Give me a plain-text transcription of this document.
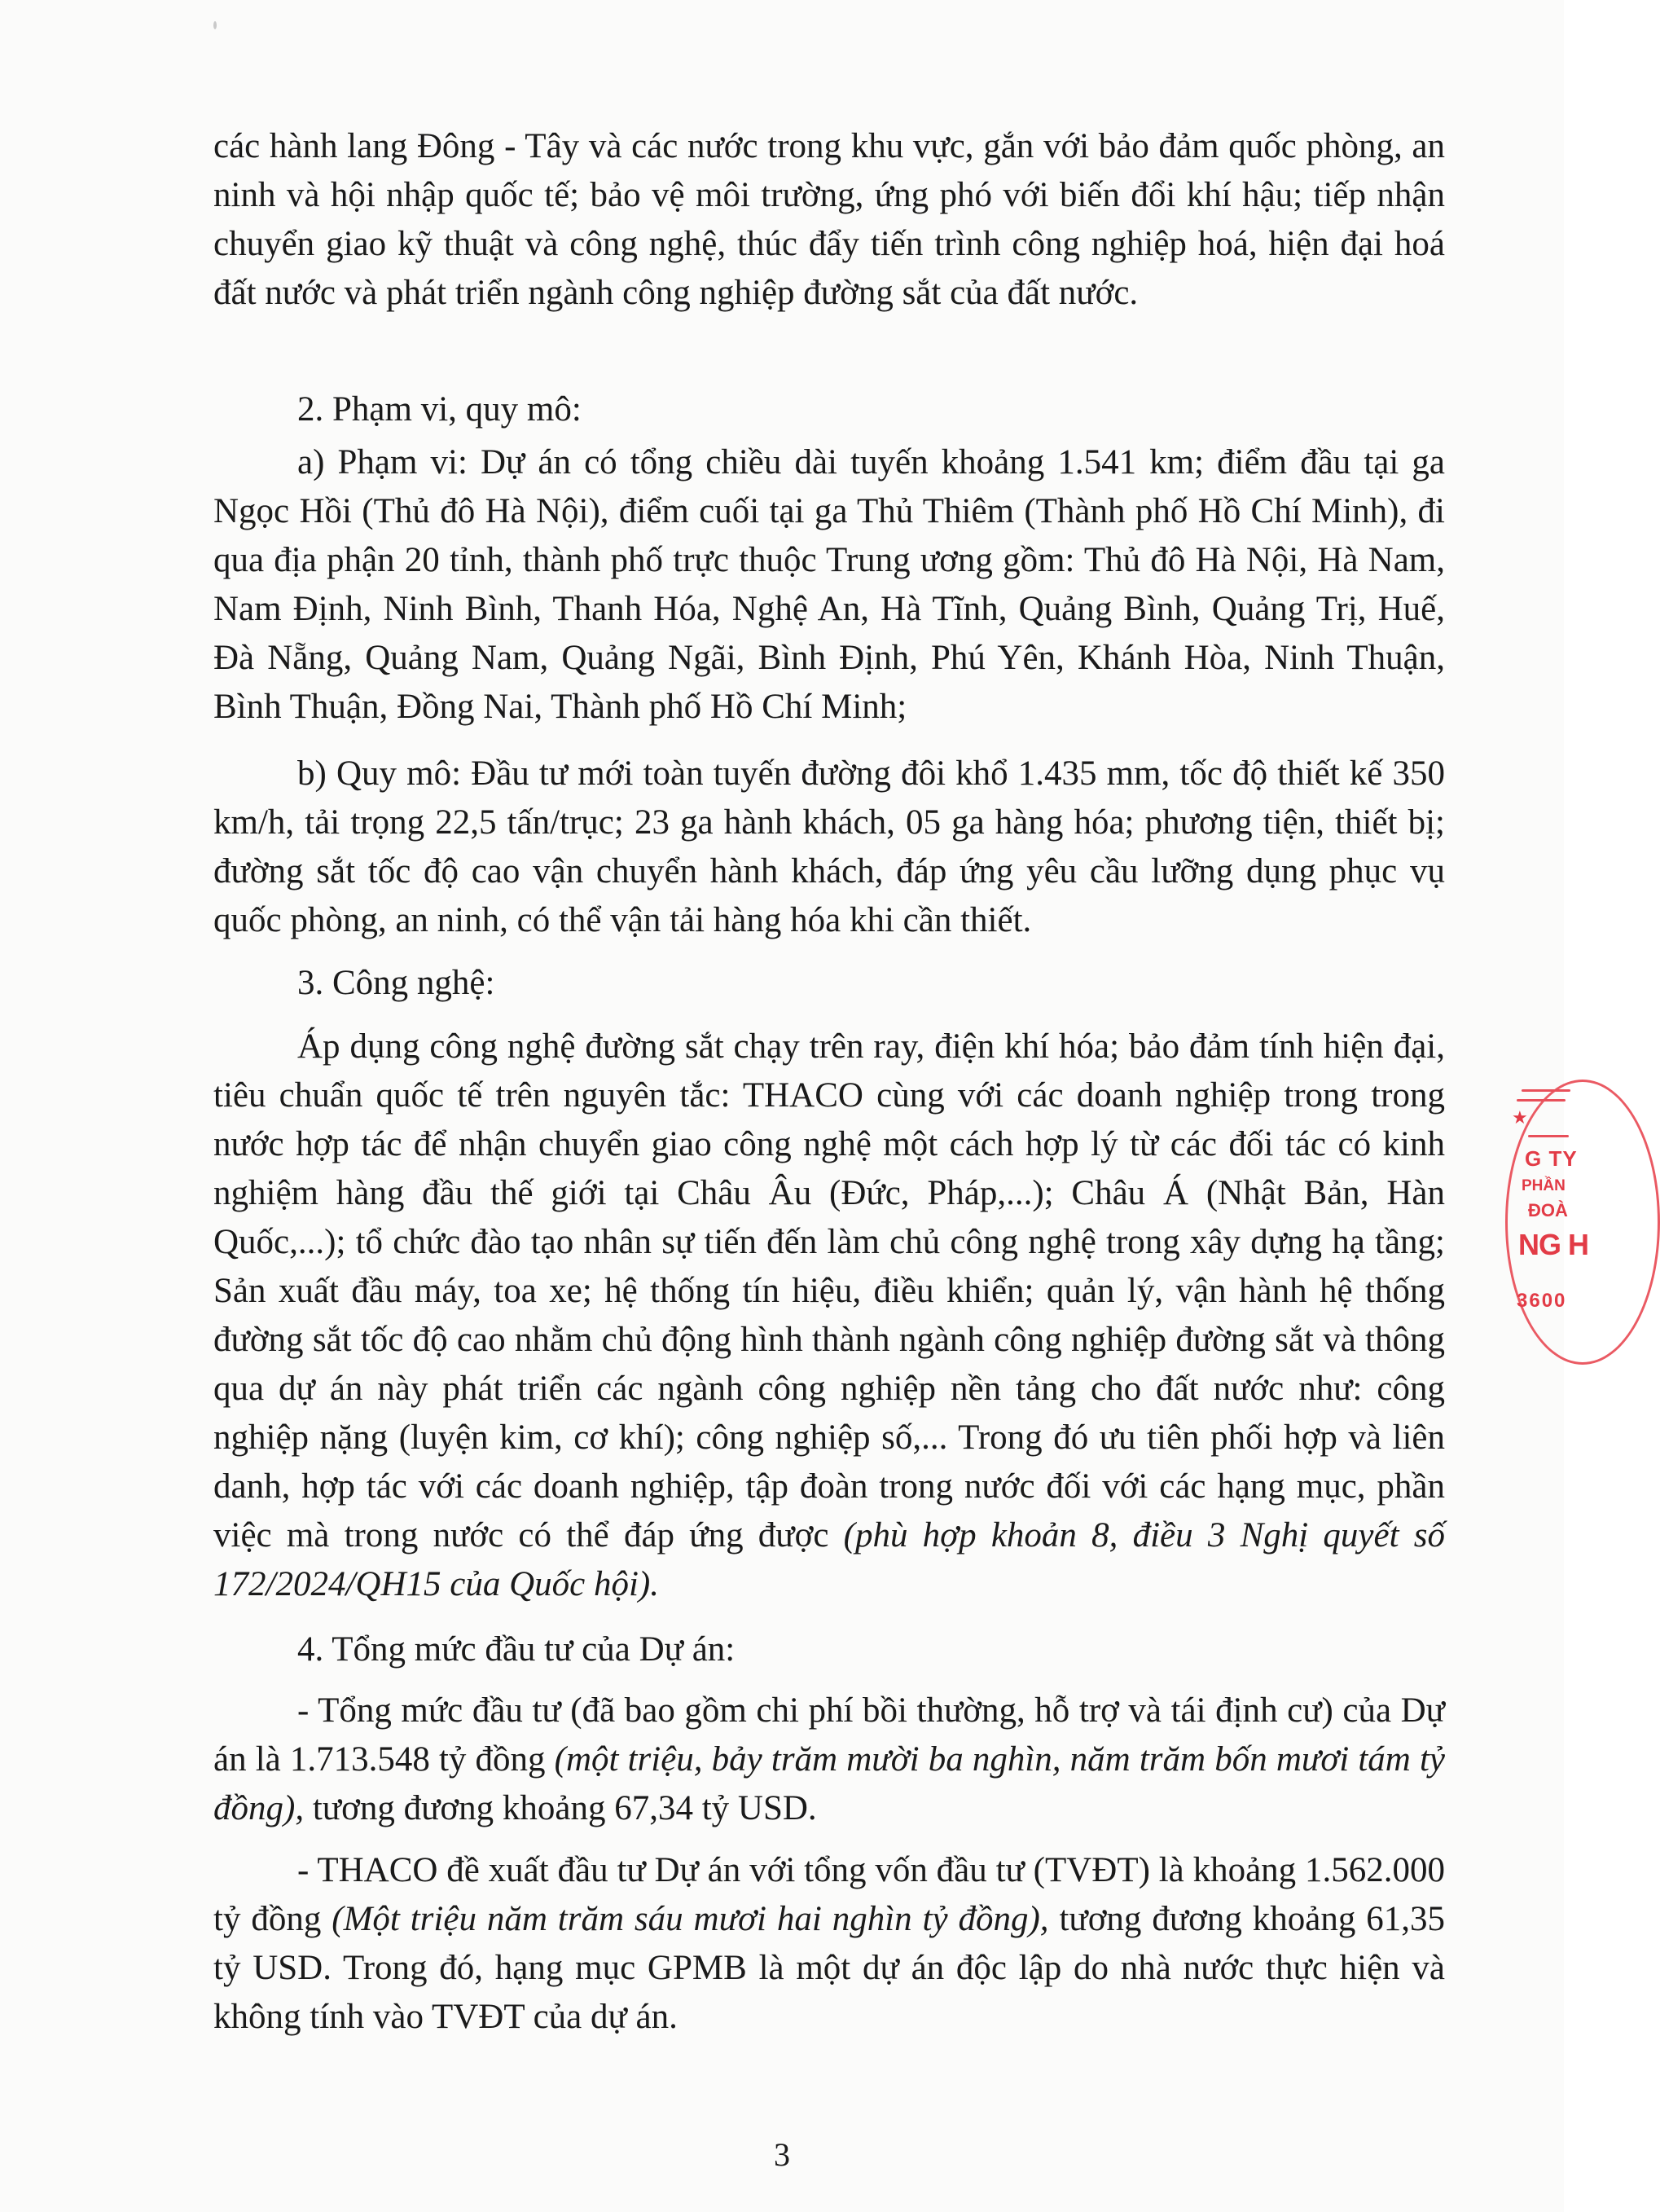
các hành lang Đông - Tây và các nước trong khu vực, gắn với bảo đảm quốc phòng, an ninh và hội nhập quốc tế; bảo vệ môi trường, ứng phó với biến đổi khí hậu; tiếp nhận chuyển giao kỹ thuật và công nghệ, thúc đẩy tiến trình công nghiệp hoá, hiện đại hoá đất nước và phát triển ngành công nghiệp đường sắt của đất nước.
2. Phạm vi, quy mô:
a) Phạm vi: Dự án có tổng chiều dài tuyến khoảng 1.541 km; điểm đầu tại ga Ngọc Hồi (Thủ đô Hà Nội), điểm cuối tại ga Thủ Thiêm (Thành phố Hồ Chí Minh), đi qua địa phận 20 tỉnh, thành phố trực thuộc Trung ương gồm: Thủ đô Hà Nội, Hà Nam, Nam Định, Ninh Bình, Thanh Hóa, Nghệ An, Hà Tĩnh, Quảng Bình, Quảng Trị, Huế, Đà Nẵng, Quảng Nam, Quảng Ngãi, Bình Định, Phú Yên, Khánh Hòa, Ninh Thuận, Bình Thuận, Đồng Nai, Thành phố Hồ Chí Minh;
b) Quy mô: Đầu tư mới toàn tuyến đường đôi khổ 1.435 mm, tốc độ thiết kế 350 km/h, tải trọng 22,5 tấn/trục; 23 ga hành khách, 05 ga hàng hóa; phương tiện, thiết bị; đường sắt tốc độ cao vận chuyển hành khách, đáp ứng yêu cầu lưỡng dụng phục vụ quốc phòng, an ninh, có thể vận tải hàng hóa khi cần thiết.
3. Công nghệ:
Áp dụng công nghệ đường sắt chạy trên ray, điện khí hóa; bảo đảm tính hiện đại, tiêu chuẩn quốc tế trên nguyên tắc: THACO cùng với các doanh nghiệp trong trong nước hợp tác để nhận chuyển giao công nghệ một cách hợp lý từ các đối tác có kinh nghiệm hàng đầu thế giới tại Châu Âu (Đức, Pháp,...); Châu Á (Nhật Bản, Hàn Quốc,...); tổ chức đào tạo nhân sự tiến đến làm chủ công nghệ trong xây dựng hạ tầng; Sản xuất đầu máy, toa xe; hệ thống tín hiệu, điều khiển; quản lý, vận hành hệ thống đường sắt tốc độ cao nhằm chủ động hình thành ngành công nghiệp đường sắt và thông qua dự án này phát triển các ngành công nghiệp nền tảng cho đất nước như: công nghiệp nặng (luyện kim, cơ khí); công nghiệp số,... Trong đó ưu tiên phối hợp và liên danh, hợp tác với các doanh nghiệp, tập đoàn trong nước đối với các hạng mục, phần việc mà trong nước có thể đáp ứng được (phù hợp khoản 8, điều 3 Nghị quyết số 172/2024/QH15 của Quốc hội).
4. Tổng mức đầu tư của Dự án:
- Tổng mức đầu tư (đã bao gồm chi phí bồi thường, hỗ trợ và tái định cư) của Dự án là 1.713.548 tỷ đồng (một triệu, bảy trăm mười ba nghìn, năm trăm bốn mươi tám tỷ đồng), tương đương khoảng 67,34 tỷ USD.
- THACO đề xuất đầu tư Dự án với tổng vốn đầu tư (TVĐT) là khoảng 1.562.000 tỷ đồng (Một triệu năm trăm sáu mươi hai nghìn tỷ đồng), tương đương khoảng 61,35 tỷ USD. Trong đó, hạng mục GPMB là một dự án độc lập do nhà nước thực hiện và không tính vào TVĐT của dự án.
3
★
G TY
PHẦN
ĐOÀ
NG H
3600
